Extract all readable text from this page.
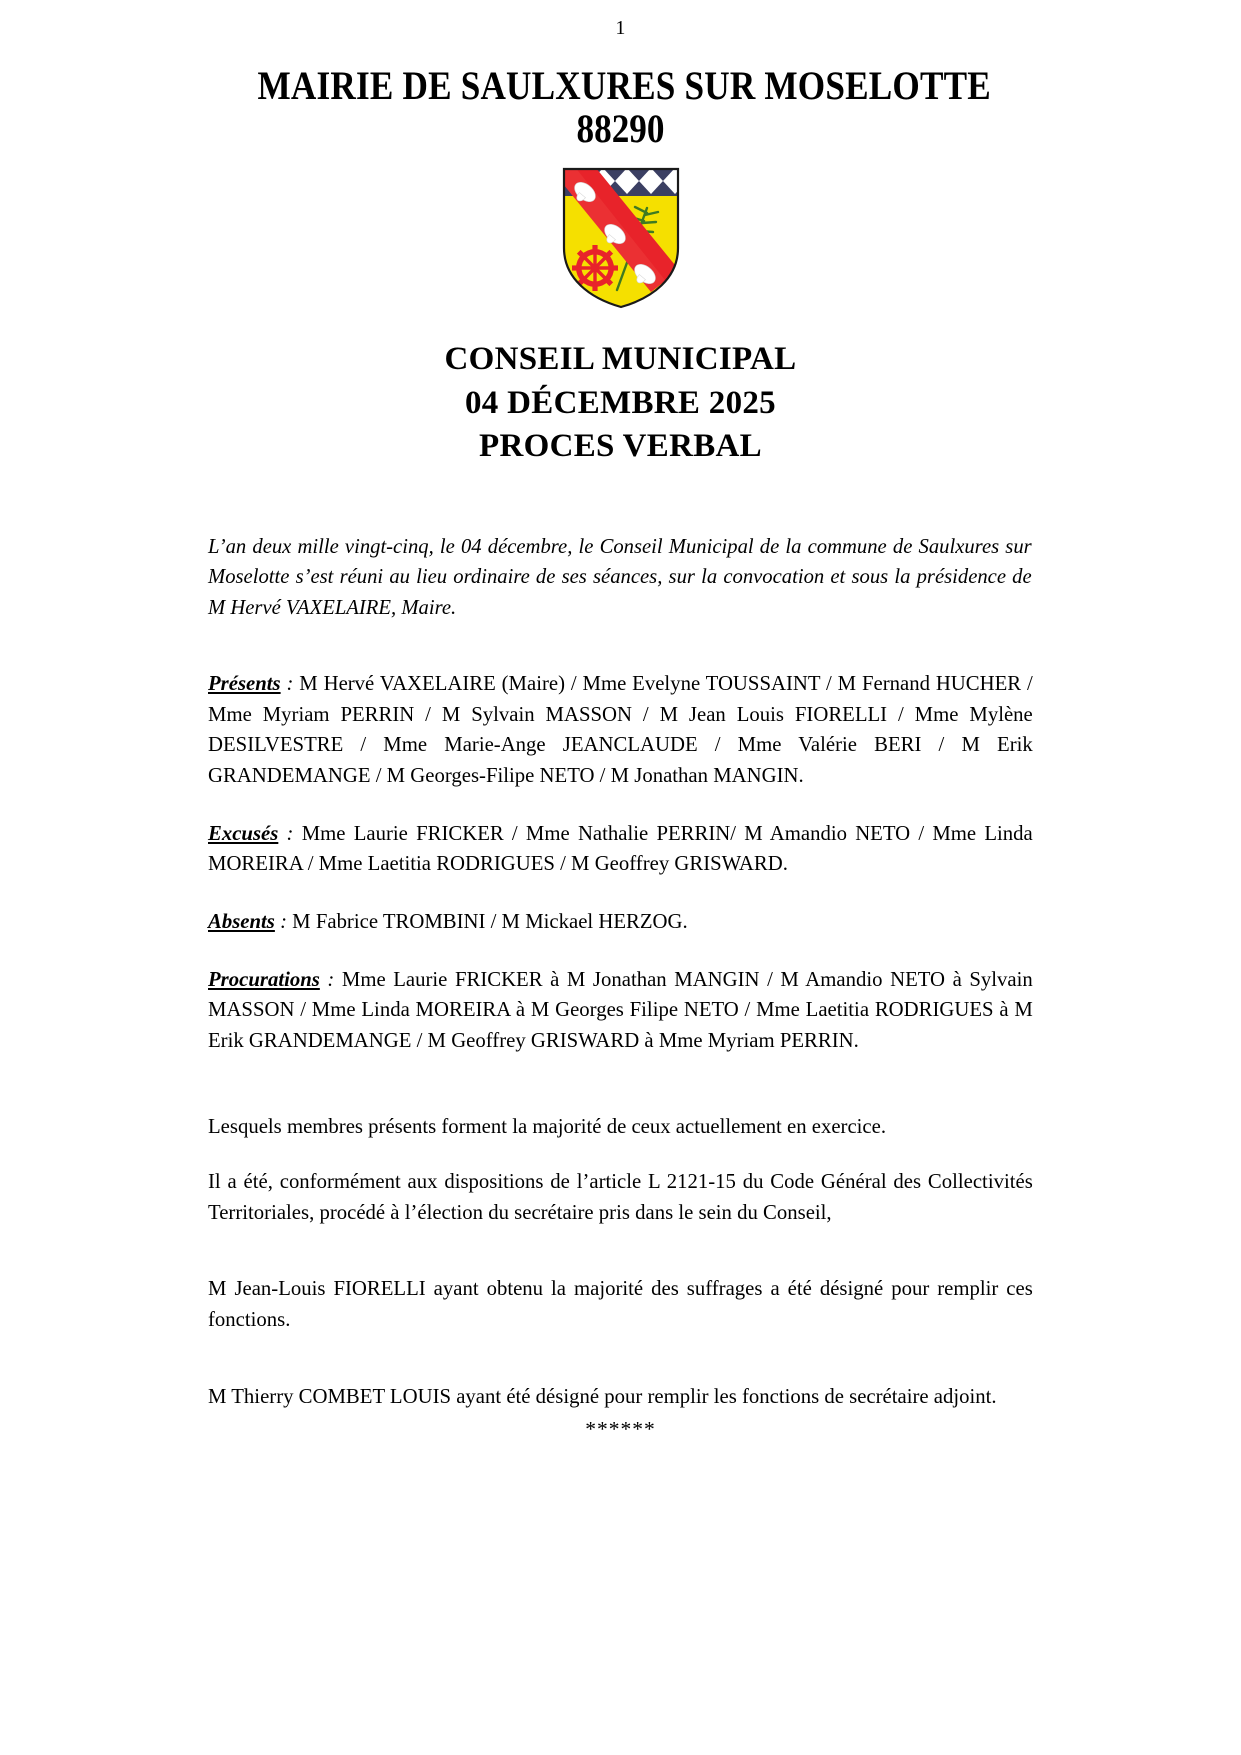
1
MAIRIE DE SAULXURES SUR MOSELOTTE
88290
CONSEIL MUNICIPAL
04 DÉCEMBRE 2025
PROCES VERBAL
L’an deux mille vingt-cinq, le 04 décembre, le Conseil Municipal de la commune de Saulxures sur Moselotte s’est réuni au lieu ordinaire de ses séances, sur la convocation et sous la présidence de M Hervé VAXELAIRE, Maire.
Présents : M Hervé VAXELAIRE (Maire) / Mme Evelyne TOUSSAINT / M Fernand HUCHER / Mme Myriam PERRIN / M Sylvain MASSON / M Jean Louis FIORELLI / Mme Mylène DESILVESTRE / Mme Marie-Ange JEANCLAUDE / Mme Valérie BERI / M Erik GRANDEMANGE / M Georges-Filipe NETO / M Jonathan MANGIN.
Excusés : Mme Laurie FRICKER / Mme Nathalie PERRIN/ M Amandio NETO / Mme Linda MOREIRA / Mme Laetitia RODRIGUES / M Geoffrey GRISWARD.
Absents : M Fabrice TROMBINI / M Mickael HERZOG.
Procurations : Mme Laurie FRICKER à M Jonathan MANGIN / M Amandio NETO à Sylvain MASSON / Mme Linda MOREIRA à M Georges Filipe NETO / Mme Laetitia RODRIGUES à M Erik GRANDEMANGE / M Geoffrey GRISWARD à Mme Myriam PERRIN.
Lesquels membres présents forment la majorité de ceux actuellement en exercice.
Il a été, conformément aux dispositions de l’article L 2121-15 du Code Général des Collectivités Territoriales, procédé à l’élection du secrétaire pris dans le sein du Conseil,
M Jean-Louis FIORELLI ayant obtenu la majorité des suffrages a été désigné pour remplir ces fonctions.
M Thierry COMBET LOUIS ayant été désigné pour remplir les fonctions de secrétaire adjoint.
******
